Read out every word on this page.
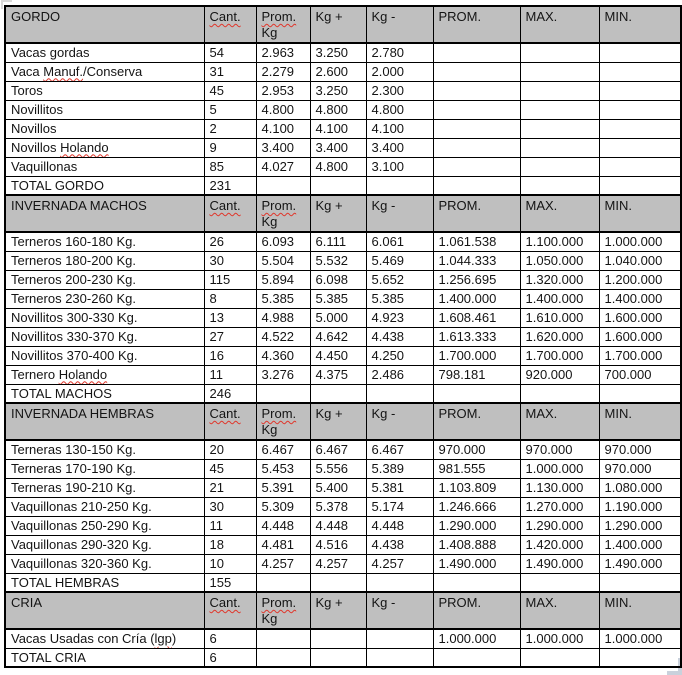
GORDO	Cant.	Prom. Kg	Kg +	Kg -	PROM.	MAX.	MIN.
Vacas gordas	54	2.963	3.250	2.780			
Vaca Manuf./Conserva	31	2.279	2.600	2.000			
Toros	45	2.953	3.250	2.300			
Novillitos	5	4.800	4.800	4.800			
Novillos	2	4.100	4.100	4.100			
Novillos Holando	9	3.400	3.400	3.400			
Vaquillonas	85	4.027	4.800	3.100			
TOTAL GORDO	231						
INVERNADA MACHOS	Cant.	Prom. Kg	Kg +	Kg -	PROM.	MAX.	MIN.
Terneros 160-180 Kg.	26	6.093	6.111	6.061	1.061.538	1.100.000	1.000.000
Terneros 180-200 Kg.	30	5.504	5.532	5.469	1.044.333	1.050.000	1.040.000
Terneros 200-230 Kg.	115	5.894	6.098	5.652	1.256.695	1.320.000	1.200.000
Terneros 230-260 Kg.	8	5.385	5.385	5.385	1.400.000	1.400.000	1.400.000
Novillitos 300-330 Kg.	13	4.988	5.000	4.923	1.608.461	1.610.000	1.600.000
Novillitos 330-370 Kg.	27	4.522	4.642	4.438	1.613.333	1.620.000	1.600.000
Novillitos 370-400 Kg.	16	4.360	4.450	4.250	1.700.000	1.700.000	1.700.000
Ternero Holando	11	3.276	4.375	2.486	798.181	920.000	700.000
TOTAL MACHOS	246						
INVERNADA HEMBRAS	Cant.	Prom. Kg	Kg +	Kg -	PROM.	MAX.	MIN.
Terneras 130-150 Kg.	20	6.467	6.467	6.467	970.000	970.000	970.000
Terneras 170-190 Kg.	45	5.453	5.556	5.389	981.555	1.000.000	970.000
Terneras 190-210 Kg.	21	5.391	5.400	5.381	1.103.809	1.130.000	1.080.000
Vaquillonas 210-250 Kg.	30	5.309	5.378	5.174	1.246.666	1.270.000	1.190.000
Vaquillonas 250-290 Kg.	11	4.448	4.448	4.448	1.290.000	1.290.000	1.290.000
Vaquillonas 290-320 Kg.	18	4.481	4.516	4.438	1.408.888	1.420.000	1.400.000
Vaquillonas 320-360 Kg.	10	4.257	4.257	4.257	1.490.000	1.490.000	1.490.000
TOTAL HEMBRAS	155						
CRIA	Cant.	Prom. Kg	Kg +	Kg -	PROM.	MAX.	MIN.
Vacas Usadas con Cría (lgp)	6				1.000.000	1.000.000	1.000.000
TOTAL CRIA	6						
